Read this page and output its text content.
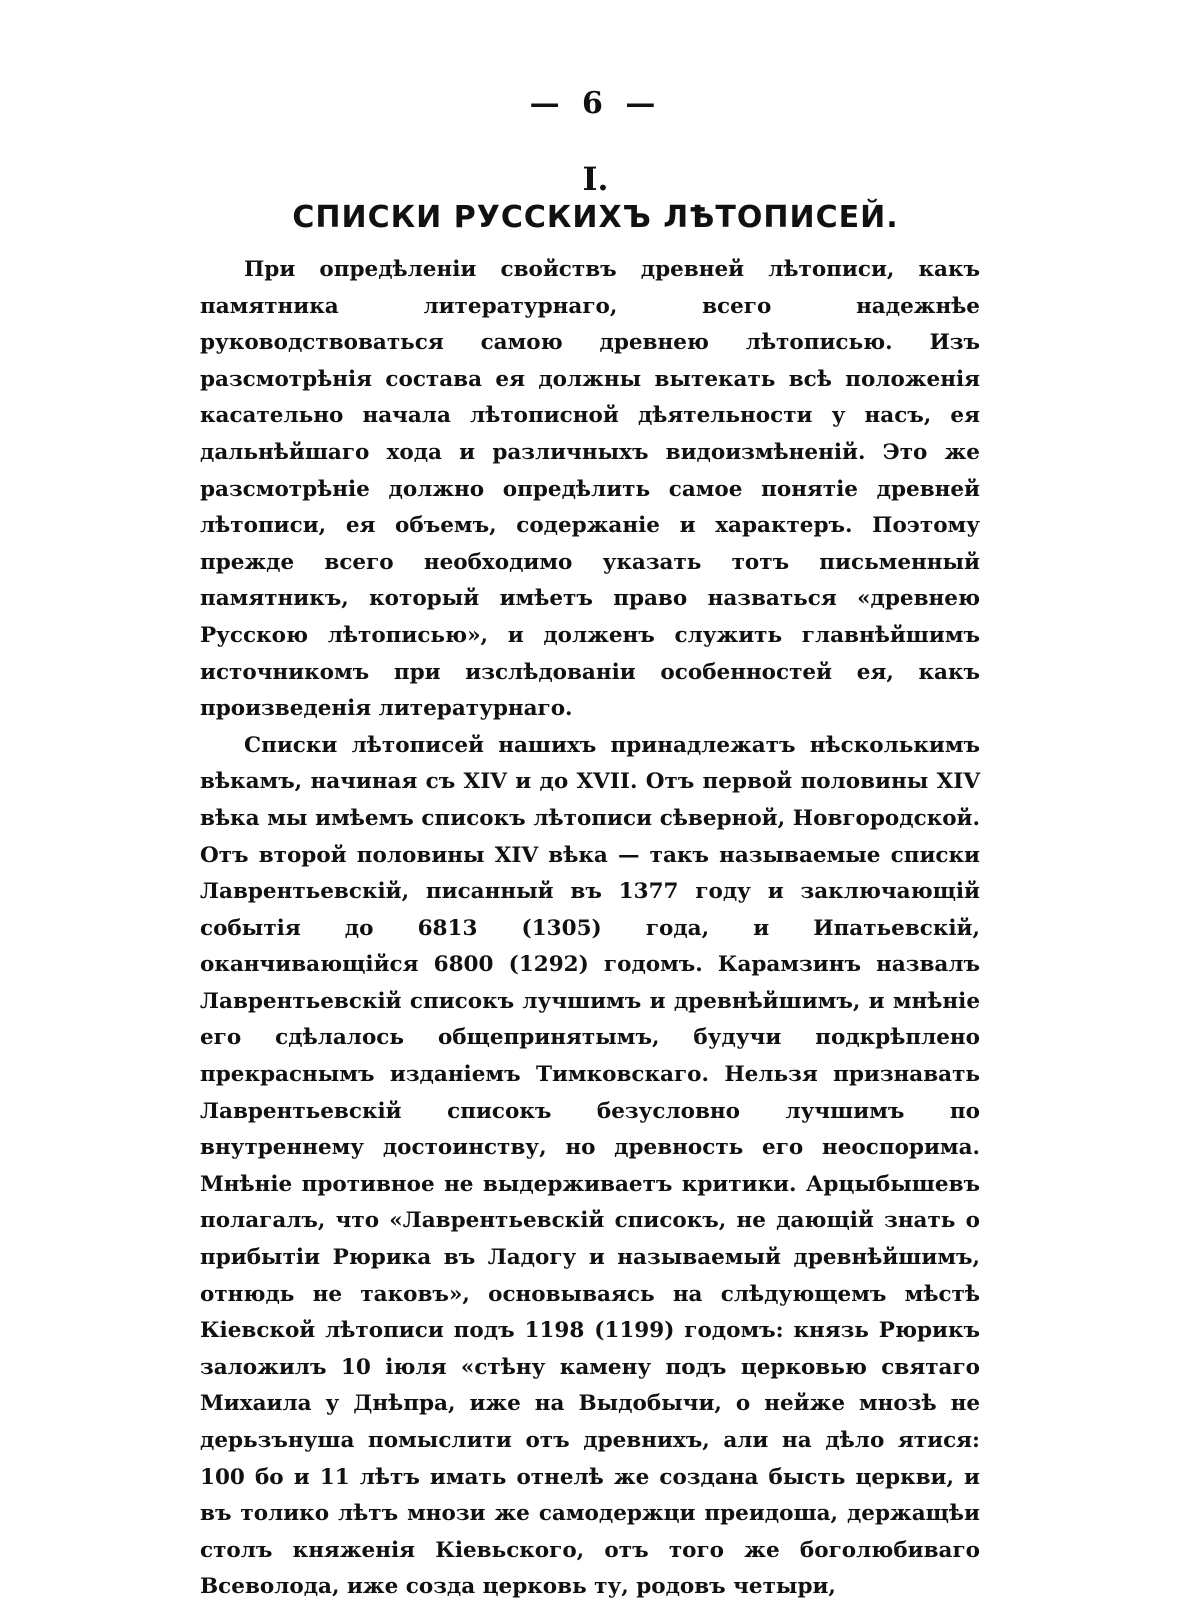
— 6 —
I.
СПИСКИ РУССКИХЪ ЛѢТОПИСЕЙ.

При опредѣленіи свойствъ древней лѣтописи, какъ памятника литературнаго, всего надежнѣе руководствоваться самою древнею лѣтописью. Изъ разсмотрѣнія состава ея должны вытекать всѣ положенія касательно начала лѣтописной дѣятельности у насъ, ея дальнѣйшаго хода и различныхъ видоизмѣненій. Это же разсмотрѣніе должно опредѣлить самое понятіе древней лѣтописи, ея объемъ, содержаніе и характеръ. Поэтому прежде всего необходимо указать тотъ письменный памятникъ, который имѣетъ право назваться «древнею Русскою лѣтописью», и долженъ служить главнѣйшимъ источникомъ при изслѣдованіи особенностей ея, какъ произведенія литературнаго.

Списки лѣтописей нашихъ принадлежатъ нѣсколькимъ вѣкамъ, начиная съ XIV и до XVII. Отъ первой половины XIV вѣка мы имѣемъ списокъ лѣтописи сѣверной, Новгородской. Отъ второй половины XIV вѣка — такъ называемые списки Лаврентьевскій, писанный въ 1377 году и заключающій событія до 6813 (1305) года, и Ипатьевскій, оканчивающійся 6800 (1292) годомъ. Карамзинъ назвалъ Лаврентьевскій списокъ лучшимъ и древнѣйшимъ, и мнѣніе его сдѣлалось общепринятымъ, будучи подкрѣплено прекраснымъ изданіемъ Тимковскаго. Нельзя признавать Лаврентьевскій списокъ безусловно лучшимъ по внутреннему достоинству, но древность его неоспорима. Мнѣніе противное не выдерживаетъ критики. Арцыбышевъ полагалъ, что «Лаврентьевскій списокъ, не дающій знать о прибытіи Рюрика въ Ладогу и называемый древнѣйшимъ, отнюдь не таковъ», основываясь на слѣдующемъ мѣстѣ Кіевской лѣтописи подъ 1198 (1199) годомъ: князь Рюрикъ заложилъ 10 іюля «стѣну камену подъ церковью святаго Михаила у Днѣпра, иже на Выдобычи, о нейже мнозѣ не дерьзънуша помыслити отъ древнихъ, али на дѣло ятися: 100 бо и 11 лѣтъ имать отнелѣ же создана бысть церкви, и въ толико лѣтъ мнози же самодержци преидоша, держащѣи столъ княженія Кіевьского, отъ того же боголюбиваго Всеволода, иже созда церковь ту, родовъ четыри,
